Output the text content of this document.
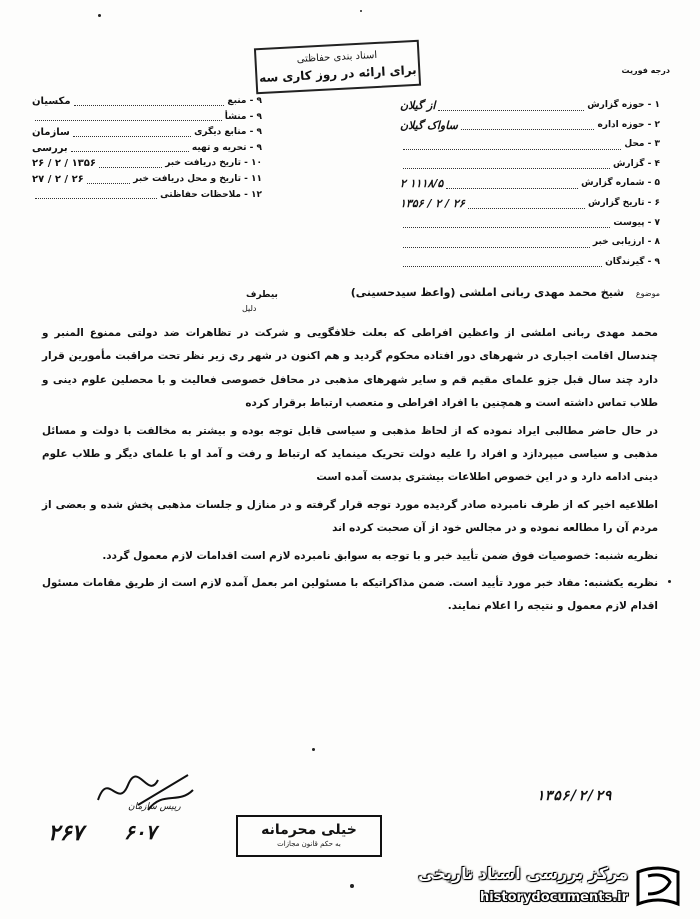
اسناد بندی حفاظتی
برای ارائه در روز کاری سه	درجه فوریت
۱ - حوزه گزارش
از گیلان
۲ - حوزه اداره
ساواک گیلان
۳ - محل
۴ - گزارش
۵ - شماره گزارش
۱۱۱۸/۵ ۲
۶ - تاریخ گزارش
۲۶ / ۲ / ۱۳۵۶
۷ - پیوست
۸ - ارزیابی خبر
۹ - گیرندگان
۹ - منبع
مکسیان
۹ - منشأ
۹ - منابع دیگری
سازمان
۹ - تحریه و تهیه
بررسی
۱۰ - تاریخ دریافت خبر
۱۳۵۶ / ۲ / ۲۶
۱۱ - تاریخ و محل دریافت خبر
۲۶ / ۲ / ۲۷
۱۲ - ملاحظات حفاظتی
موضوع شیخ محمد مهدی ربانی املشی (واعظ سیدحسینی)
بیطرف
دلیل

محمد مهدی ربانی املشی از واعظین افراطی که بعلت خلافگویی و شرکت در تظاهرات ضد دولتی ممنوع المنبر و چندسال اقامت اجباری در شهرهای دور افتاده محکوم گردید و هم اکنون در شهر ری زیر نظر تحت مراقبت مأمورین قرار دارد چند سال قبل جزو علمای مقیم قم و سایر شهرهای مذهبی در محافل خصوصی فعالیت و با محصلین علوم دینی و طلاب تماس داشته است و همچنین با افراد افراطی و متعصب ارتباط برقرار کرده

در حال حاضر مطالبی ایراد نموده که از لحاظ مذهبی و سیاسی قابل توجه بوده و بیشتر به مخالفت با دولت و مسائل مذهبی و سیاسی میپردازد و افراد را علیه دولت تحریک مینماید که ارتباط و رفت و آمد او با علمای دیگر و طلاب علوم دینی ادامه دارد و در این خصوص اطلاعات بیشتری بدست آمده است

اطلاعیه اخیر که از طرف نامبرده صادر گردیده مورد توجه قرار گرفته و در منازل و جلسات مذهبی پخش شده و بعضی از مردم آن را مطالعه نموده و در مجالس خود از آن صحبت کرده اند

نظریه شنبه: خصوصیات فوق ضمن تأیید خبر و با توجه به سوابق نامبرده لازم است اقدامات لازم معمول گردد.

نظریه یکشنبه: مفاد خبر مورد تأیید است. ضمن مذاکراتیکه با مسئولین امر بعمل آمده لازم است از طریق مقامات مسئول اقدام لازم معمول و نتیجه را اعلام نمایند.

رییس سازمان
۲۶۷ ۶۰۷	خیلی محرمانه
به حکم قانون مجازات
۱۳۵۶/۲/۲۹
مرکز بررسی اسناد تاریخی
historydocuments.ir
